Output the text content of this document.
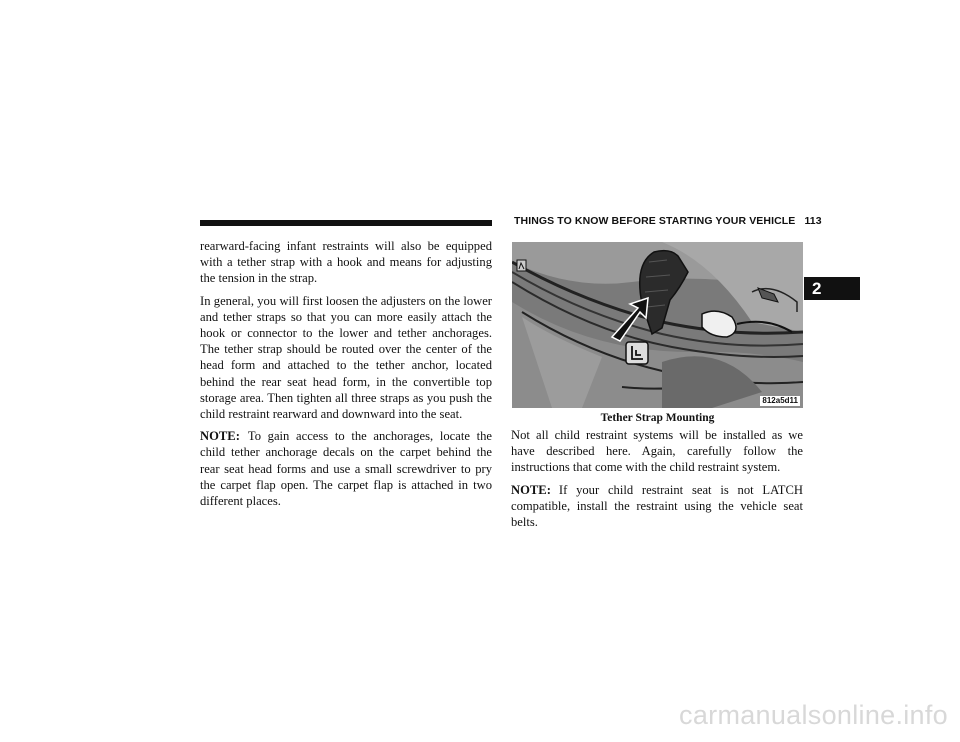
THINGS TO KNOW BEFORE STARTING YOUR VEHICLE 113
2

rearward-facing infant restraints will also be equipped with a tether strap with a hook and means for adjusting the tension in the strap.

In general, you will first loosen the adjusters on the lower and tether straps so that you can more easily attach the hook or connector to the lower and tether anchorages. The tether strap should be routed over the center of the head form and attached to the tether anchor, located behind the rear seat head form, in the convertible top storage area. Then tighten all three straps as you push the child restraint rearward and downward into the seat.

NOTE: To gain access to the anchorages, locate the child tether anchorage decals on the carpet behind the rear seat head forms and use a small screwdriver to pry the carpet flap open. The carpet flap is attached in two different places.

812a5d11
Tether Strap Mounting

Not all child restraint systems will be installed as we have described here. Again, carefully follow the instructions that come with the child restraint system.

NOTE: If your child restraint seat is not LATCH compatible, install the restraint using the vehicle seat belts.

carmanualsonline.info
